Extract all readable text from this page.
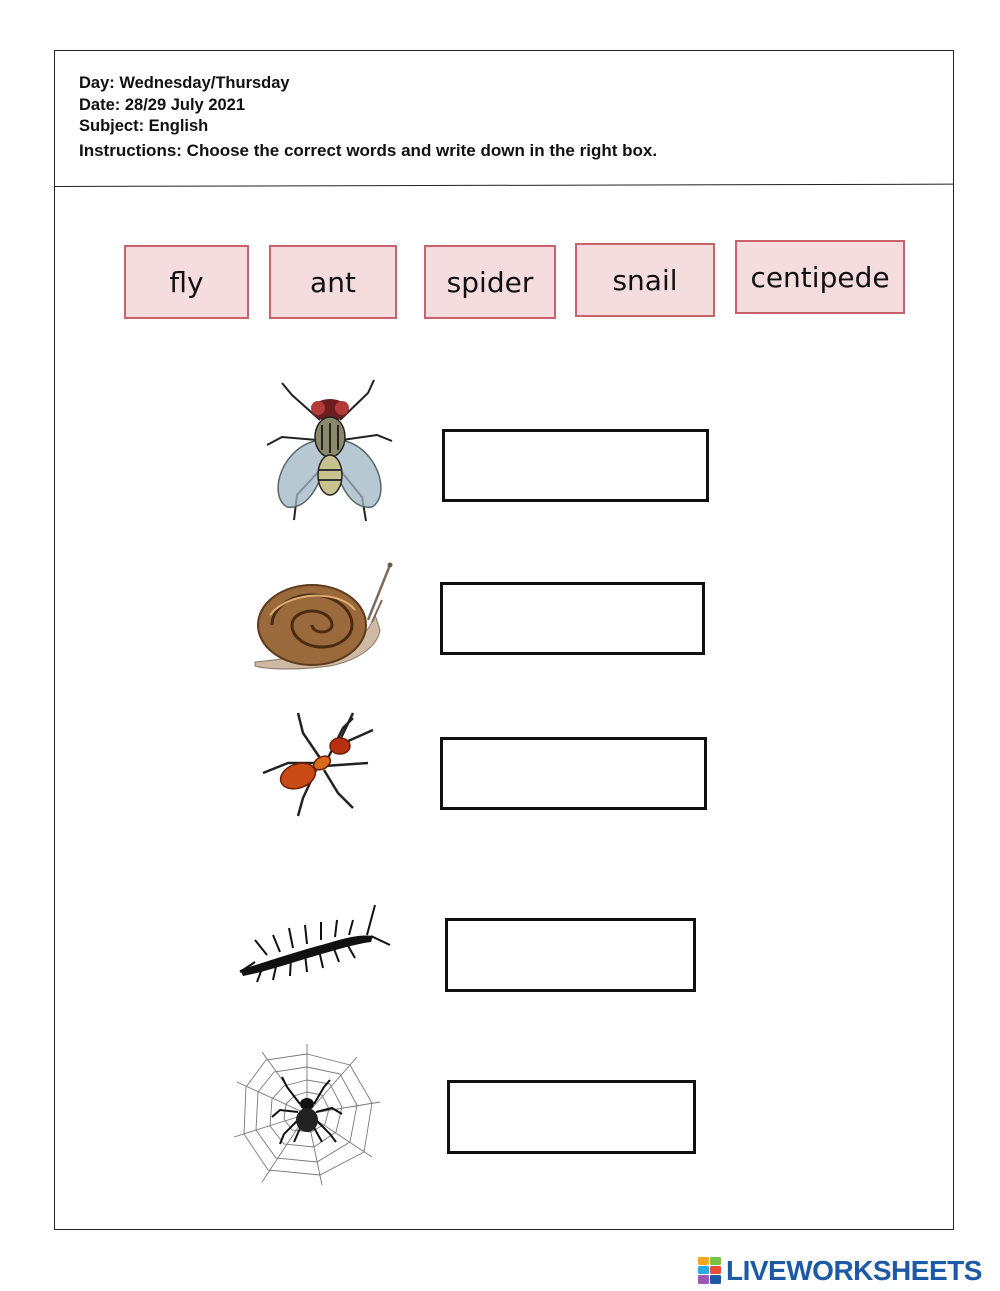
Day: Wednesday/Thursday
Date: 28/29 July 2021
Subject: English
Instructions: Choose the correct words and write down in the right box.
fly	ant	spider	snail	centipede
LIVEWORKSHEETS
